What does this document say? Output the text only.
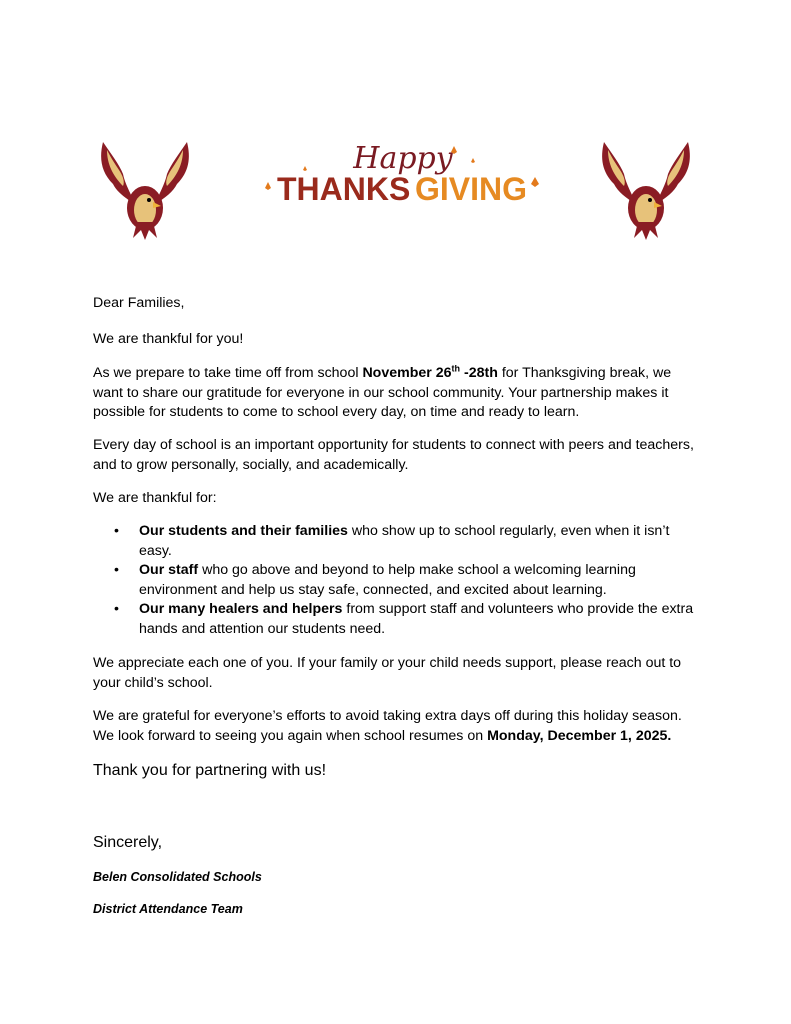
Happy
THANKS GIVING

Dear Families,

We are thankful for you!

As we prepare to take time off from school November 26th -28th for Thanksgiving break, we want to share our gratitude for everyone in our school community. Your partnership makes it possible for students to come to school every day, on time and ready to learn.

Every day of school is an important opportunity for students to connect with peers and teachers, and to grow personally, socially, and academically.

We are thankful for:

• Our students and their families who show up to school regularly, even when it isn’t easy.
• Our staff who go above and beyond to help make school a welcoming learning environment and help us stay safe, connected, and excited about learning.
• Our many healers and helpers from support staff and volunteers who provide the extra hands and attention our students need.

We appreciate each one of you. If your family or your child needs support, please reach out to your child’s school.

We are grateful for everyone’s efforts to avoid taking extra days off during this holiday season. We look forward to seeing you again when school resumes on Monday, December 1, 2025.

Thank you for partnering with us!

Sincerely,

Belen Consolidated Schools

District Attendance Team
